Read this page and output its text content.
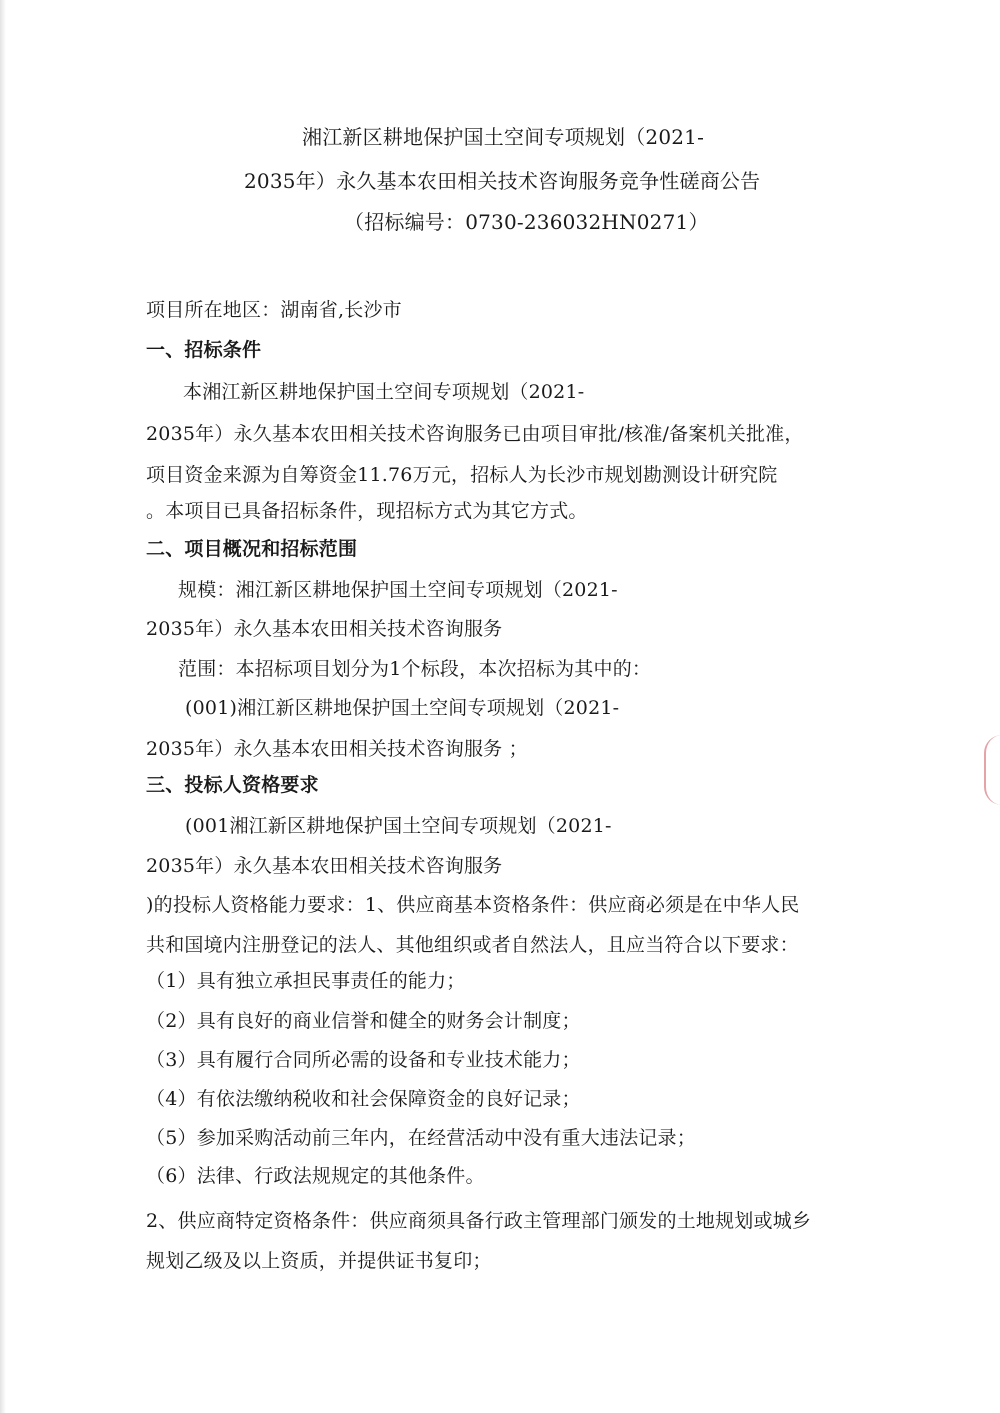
湘江新区耕地保护国土空间专项规划（2021-

2035年）永久基本农田相关技术咨询服务竞争性磋商公告

（招标编号：0730-236032HN0271）

项目所在地区：湖南省,长沙市

一、招标条件

本湘江新区耕地保护国土空间专项规划（2021-

2035年）永久基本农田相关技术咨询服务已由项目审批/核准/备案机关批准，

项目资金来源为自筹资金11.76万元，招标人为长沙市规划勘测设计研究院

。本项目已具备招标条件，现招标方式为其它方式。

二、项目概况和招标范围

规模：湘江新区耕地保护国土空间专项规划（2021-

2035年）永久基本农田相关技术咨询服务

范围：本招标项目划分为1个标段，本次招标为其中的：

(001)湘江新区耕地保护国土空间专项规划（2021-

2035年）永久基本农田相关技术咨询服务 ；

三、投标人资格要求

(001湘江新区耕地保护国土空间专项规划（2021-

2035年）永久基本农田相关技术咨询服务

)的投标人资格能力要求：1、供应商基本资格条件：供应商必须是在中华人民

共和国境内注册登记的法人、其他组织或者自然法人，且应当符合以下要求：

（1）具有独立承担民事责任的能力；

（2）具有良好的商业信誉和健全的财务会计制度；

（3）具有履行合同所必需的设备和专业技术能力；

（4）有依法缴纳税收和社会保障资金的良好记录；

（5）参加采购活动前三年内，在经营活动中没有重大违法记录；

（6）法律、行政法规规定的其他条件。

2、供应商特定资格条件：供应商须具备行政主管理部门颁发的土地规划或城乡

规划乙级及以上资质，并提供证书复印；
